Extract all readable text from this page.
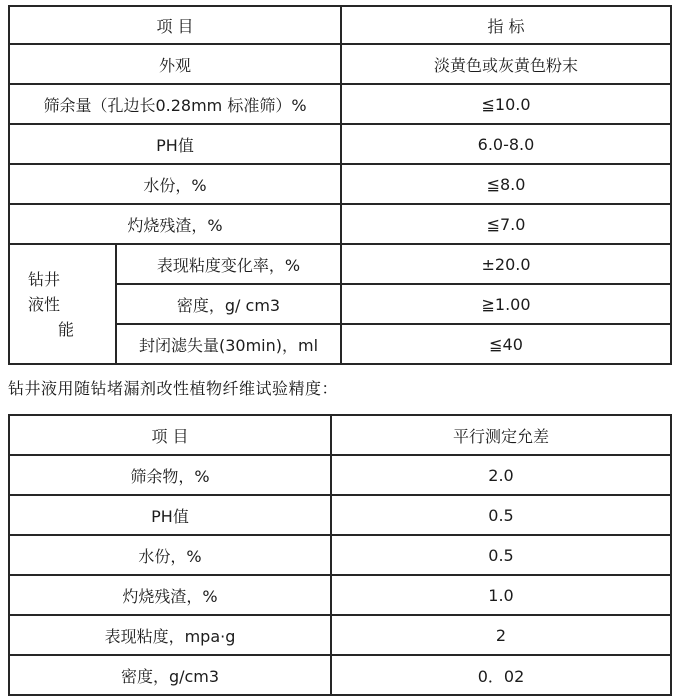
项 目		指 标
外观		淡黄色或灰黄色粉末
筛余量（孔边长0.28mm 标准筛）%		≦10.0
PH值		6.0-8.0
水份，%		≦8.0
灼烧残渣，%		≦7.0

钻井
液性
能	表现粘度变化率，%	±20.0
	密度，g/ cm3	≧1.00
	封闭滤失量(30min)，ml	≦40

钻井液用随钻堵漏剂改性植物纤维试验精度：

项 目	平行测定允差
筛余物，%	2.0
PH值	0.5
水份，%	0.5
灼烧残渣，%	1.0
表现粘度，mpa·g	2
密度，g/cm3	0．02
